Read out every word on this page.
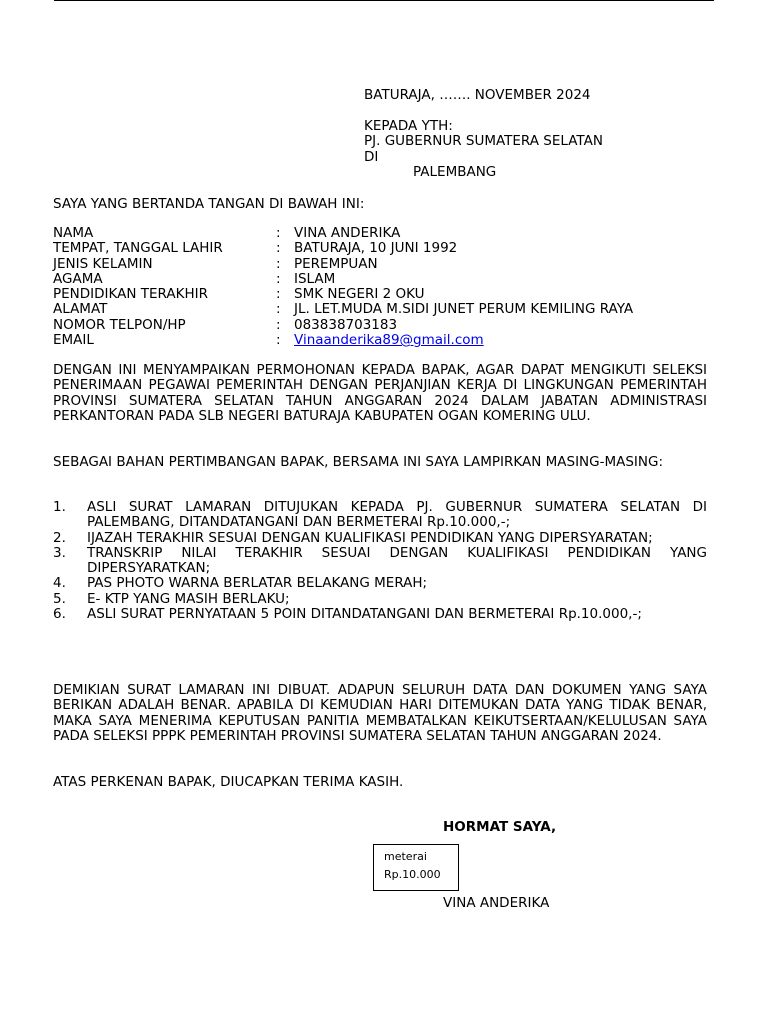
BATURAJA, ……. NOVEMBER 2024
KEPADA YTH:
PJ. GUBERNUR SUMATERA SELATAN
DI
PALEMBANG
SAYA YANG BERTANDA TANGAN DI BAWAH INI:
NAMA	: VINA ANDERIKA
TEMPAT, TANGGAL LAHIR	: BATURAJA, 10 JUNI 1992
JENIS KELAMIN	: PEREMPUAN
AGAMA	: ISLAM
PENDIDIKAN TERAKHIR	: SMK NEGERI 2 OKU
ALAMAT	: JL. LET.MUDA M.SIDI JUNET PERUM KEMILING RAYA
NOMOR TELPON/HP	: 083838703183
EMAIL	: Vinaanderika89@gmail.com

DENGAN INI MENYAMPAIKAN PERMOHONAN KEPADA BAPAK, AGAR DAPAT MENGIKUTI SELEKSI PENERIMAAN PEGAWAI PEMERINTAH DENGAN PERJANJIAN KERJA DI LINGKUNGAN PEMERINTAH PROVINSI SUMATERA SELATAN TAHUN ANGGARAN 2024 DALAM JABATAN ADMINISTRASI PERKANTORAN PADA SLB NEGERI BATURAJA KABUPATEN OGAN KOMERING ULU.

SEBAGAI BAHAN PERTIMBANGAN BAPAK, BERSAMA INI SAYA LAMPIRKAN MASING-MASING:

1. ASLI SURAT LAMARAN DITUJUKAN KEPADA PJ. GUBERNUR SUMATERA SELATAN DI PALEMBANG, DITANDATANGANI DAN BERMETERAI Rp.10.000,-;
2. IJAZAH TERAKHIR SESUAI DENGAN KUALIFIKASI PENDIDIKAN YANG DIPERSYARATAN;
3. TRANSKRIP NILAI TERAKHIR SESUAI DENGAN KUALIFIKASI PENDIDIKAN YANG DIPERSYARATKAN;
4. PAS PHOTO WARNA BERLATAR BELAKANG MERAH;
5. E- KTP YANG MASIH BERLAKU;
6. ASLI SURAT PERNYATAAN 5 POIN DITANDATANGANI DAN BERMETERAI Rp.10.000,-;

DEMIKIAN SURAT LAMARAN INI DIBUAT. ADAPUN SELURUH DATA DAN DOKUMEN YANG SAYA BERIKAN ADALAH BENAR. APABILA DI KEMUDIAN HARI DITEMUKAN DATA YANG TIDAK BENAR, MAKA SAYA MENERIMA KEPUTUSAN PANITIA MEMBATALKAN KEIKUTSERTAAN/KELULUSAN SAYA PADA SELEKSI PPPK PEMERINTAH PROVINSI SUMATERA SELATAN TAHUN ANGGARAN 2024.

ATAS PERKENAN BAPAK, DIUCAPKAN TERIMA KASIH.
HORMAT SAYA,
meterai
Rp.10.000
VINA ANDERIKA
